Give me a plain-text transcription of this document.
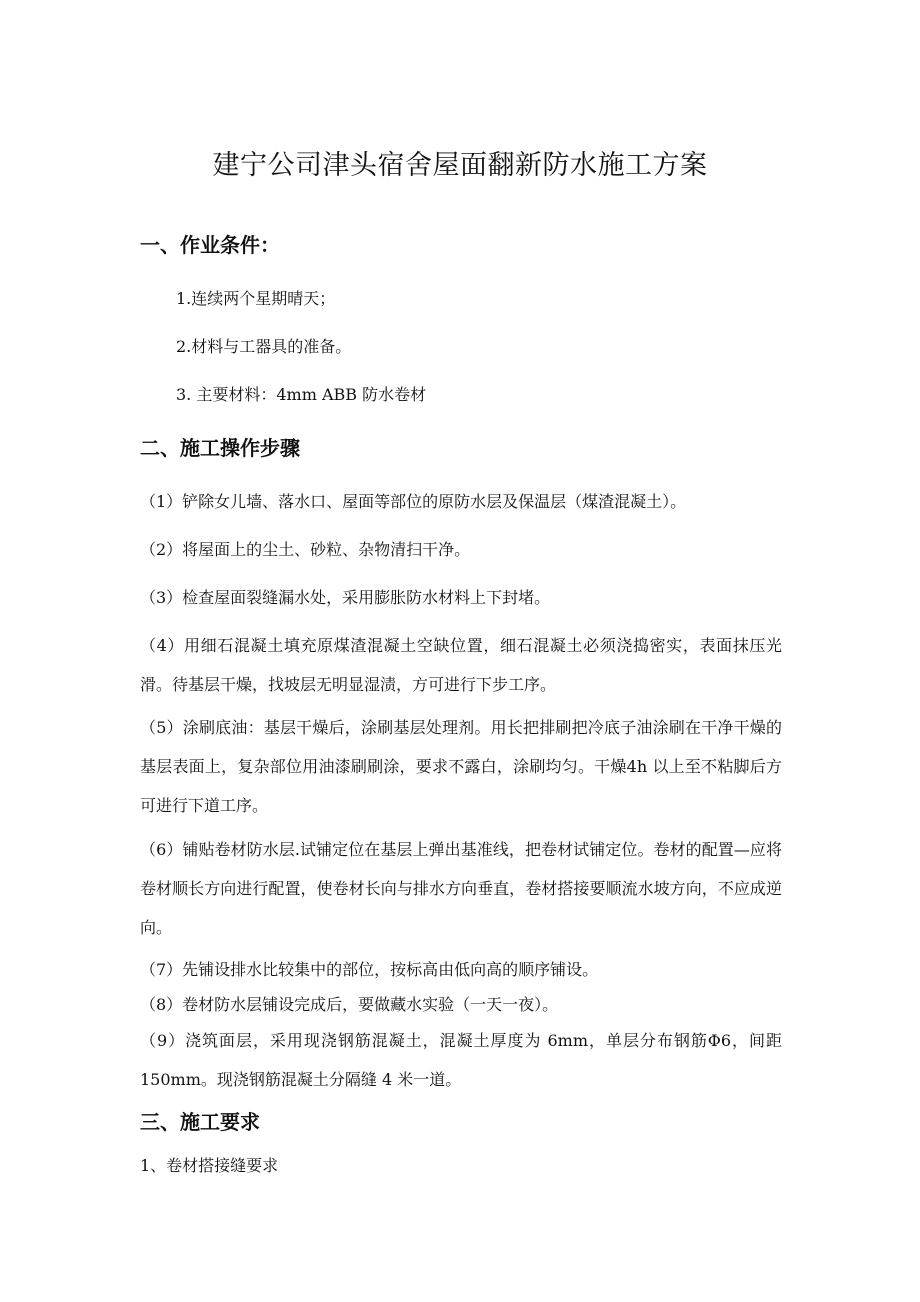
建宁公司津头宿舍屋面翻新防水施工方案
一、作业条件：
1.连续两个星期晴天；
2.材料与工器具的准备。
3. 主要材料：4mm ABB 防水卷材
二、施工操作步骤
（1）铲除女儿墙、落水口、屋面等部位的原防水层及保温层（煤渣混凝土）。
（2）将屋面上的尘土、砂粒、杂物清扫干净。
（3）检查屋面裂缝漏水处，采用膨胀防水材料上下封堵。
（4）用细石混凝土填充原煤渣混凝土空缺位置，细石混凝土必须浇捣密实，表面抹压光滑。待基层干燥，找坡层无明显湿渍，方可进行下步工序。
（5）涂刷底油：基层干燥后，涂刷基层处理剂。用长把排刷把冷底子油涂刷在干净干燥的基层表面上，复杂部位用油漆刷刷涂，要求不露白，涂刷均匀。干燥4h 以上至不粘脚后方可进行下道工序。
（6）铺贴卷材防水层.试铺定位在基层上弹出基准线，把卷材试铺定位。卷材的配置—应将卷材顺长方向进行配置，使卷材长向与排水方向垂直，卷材搭接要顺流水坡方向，不应成逆向。
（7）先铺设排水比较集中的部位，按标高由低向高的顺序铺设。
（8）卷材防水层铺设完成后，要做藏水实验（一天一夜）。
（9）浇筑面层，采用现浇钢筋混凝土，混凝土厚度为 6mm，单层分布钢筋Φ6，间距 150mm。现浇钢筋混凝土分隔缝 4 米一道。
三、施工要求
1、卷材搭接缝要求
